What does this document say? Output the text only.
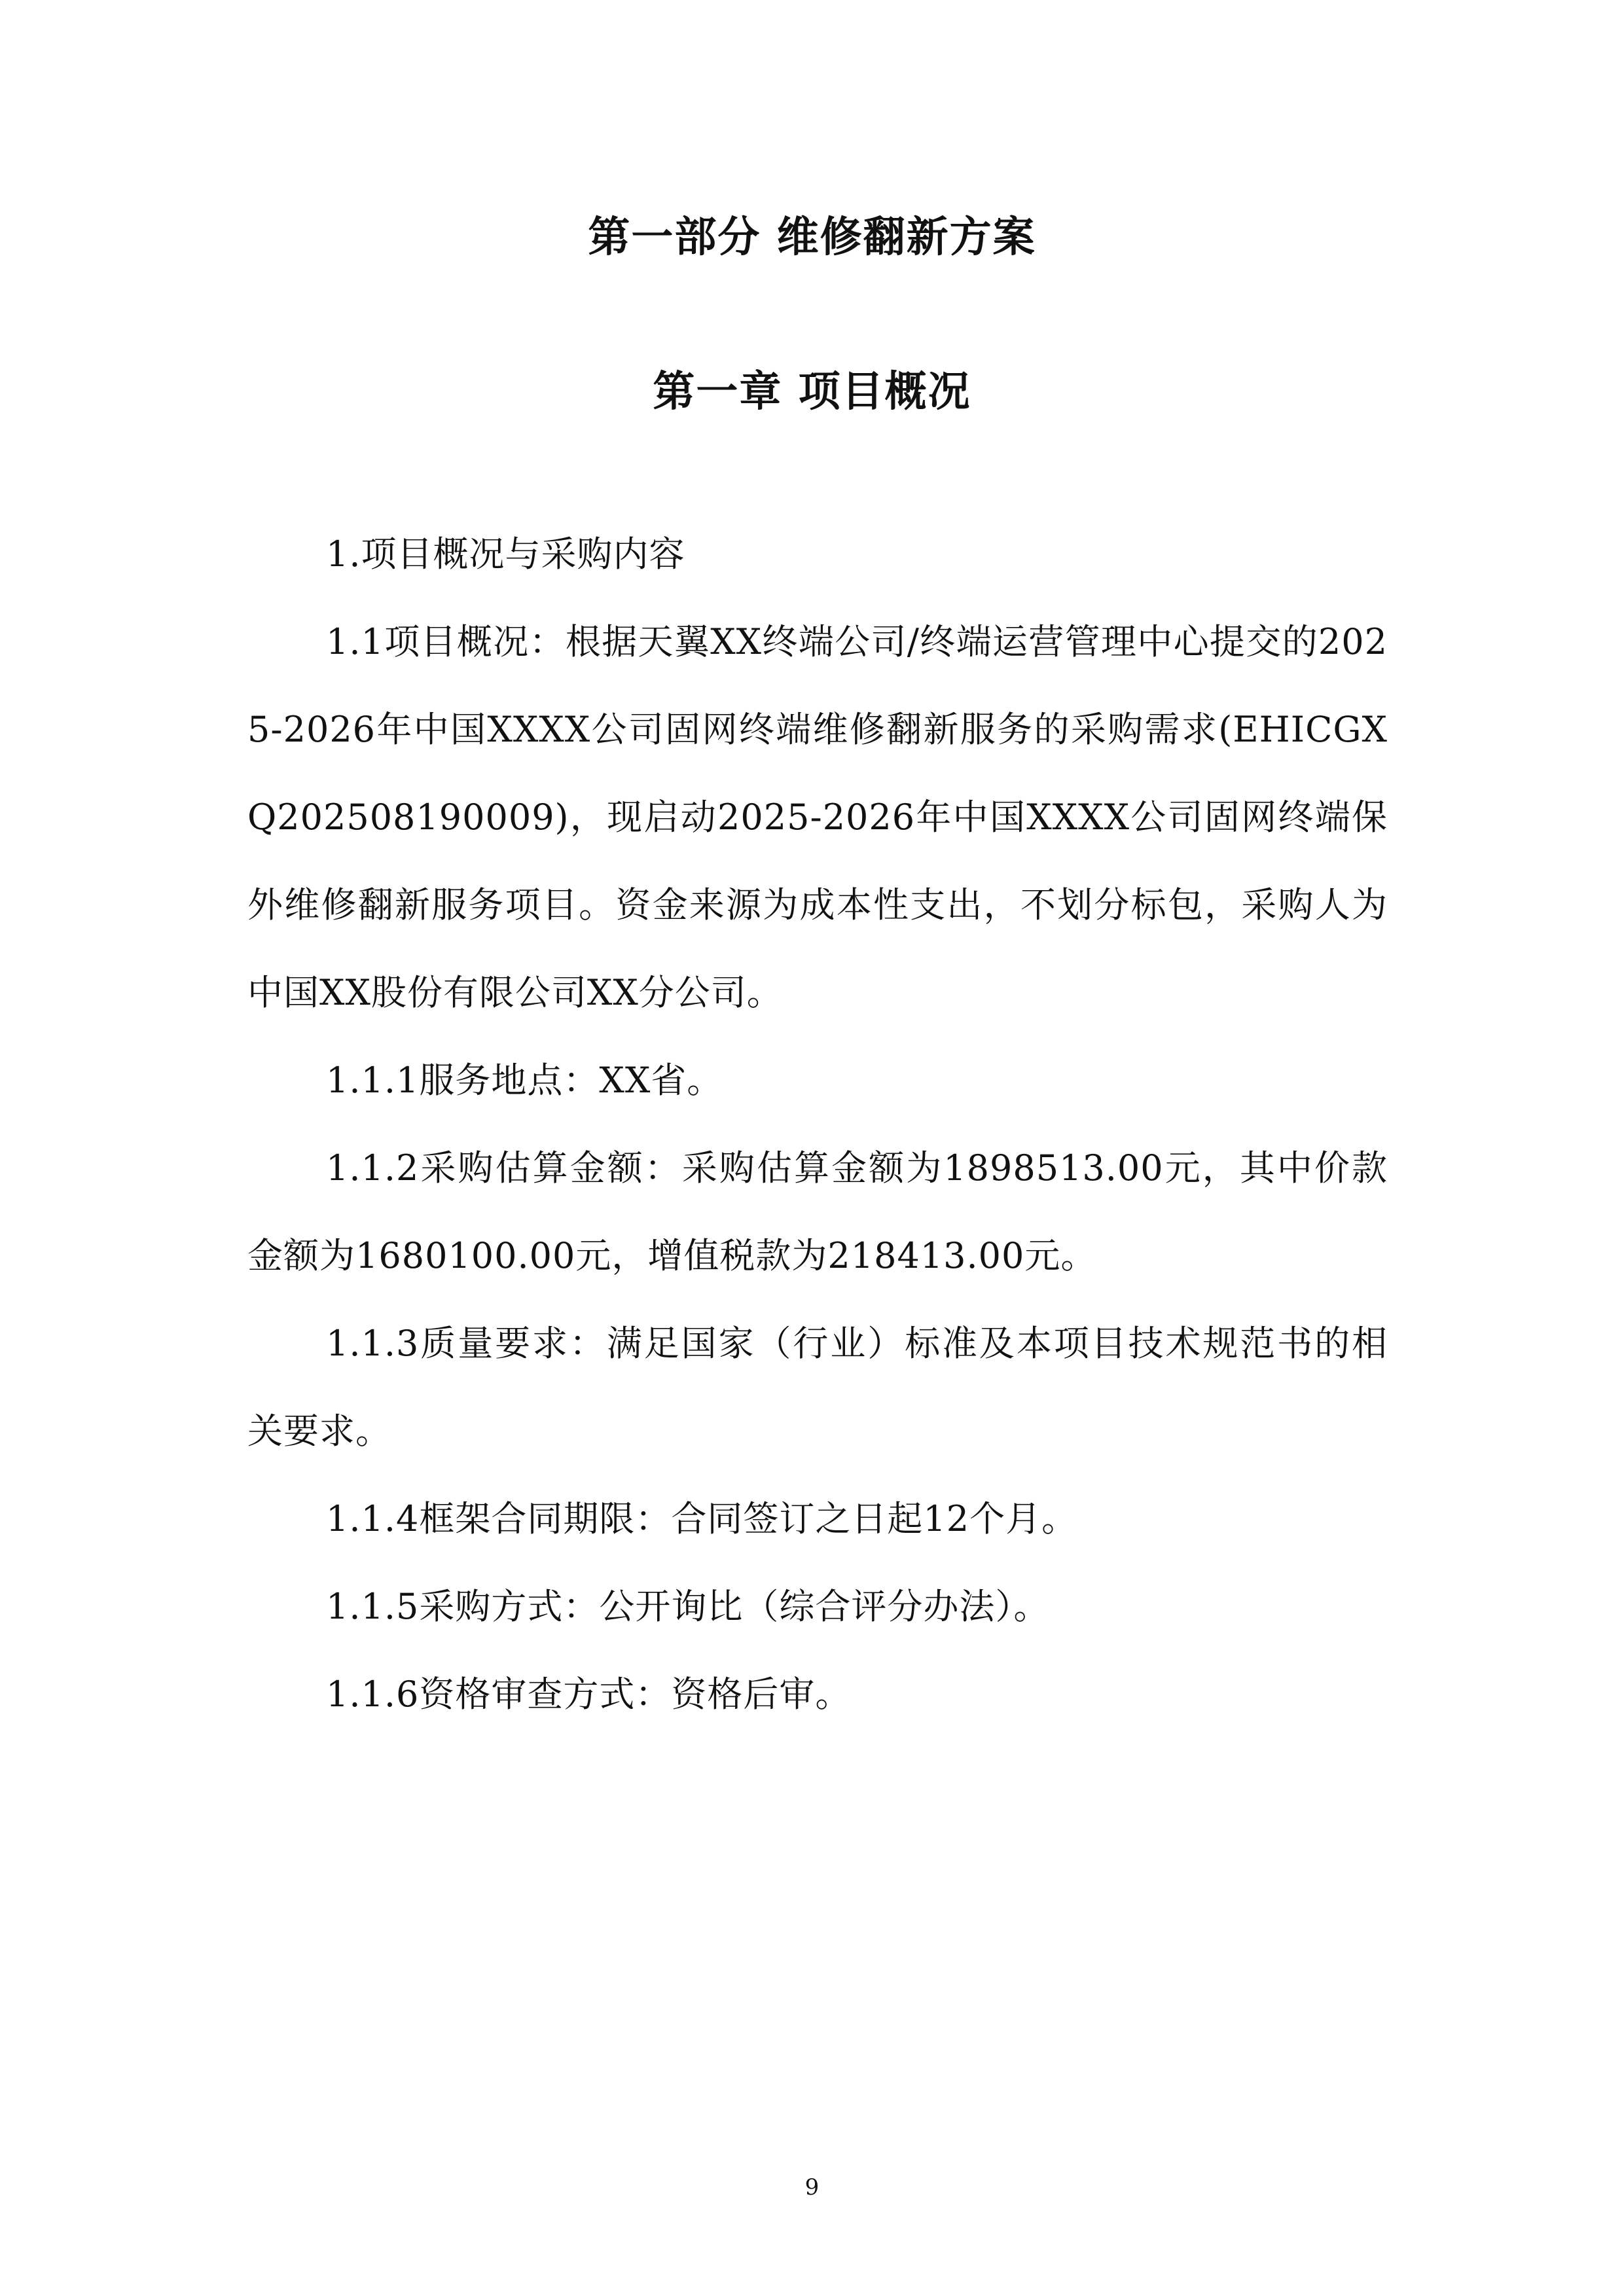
第一部分 维修翻新方案
第一章 项目概况

1.项目概况与采购内容

1.1项目概况：根据天翼XX终端公司/终端运营管理中心提交的2025-2026年中国XXXX公司固网终端维修翻新服务的采购需求(EHICGXQ202508190009)，现启动2025-2026年中国XXXX公司固网终端保外维修翻新服务项目。资金来源为成本性支出，不划分标包，采购人为中国XX股份有限公司XX分公司。

1.1.1服务地点：XX省。

1.1.2采购估算金额：采购估算金额为1898513.00元，其中价款金额为1680100.00元，增值税款为218413.00元。

1.1.3质量要求：满足国家（行业）标准及本项目技术规范书的相关要求。

1.1.4框架合同期限：合同签订之日起12个月。

1.1.5采购方式：公开询比（综合评分办法）。

1.1.6资格审查方式：资格后审。

9
